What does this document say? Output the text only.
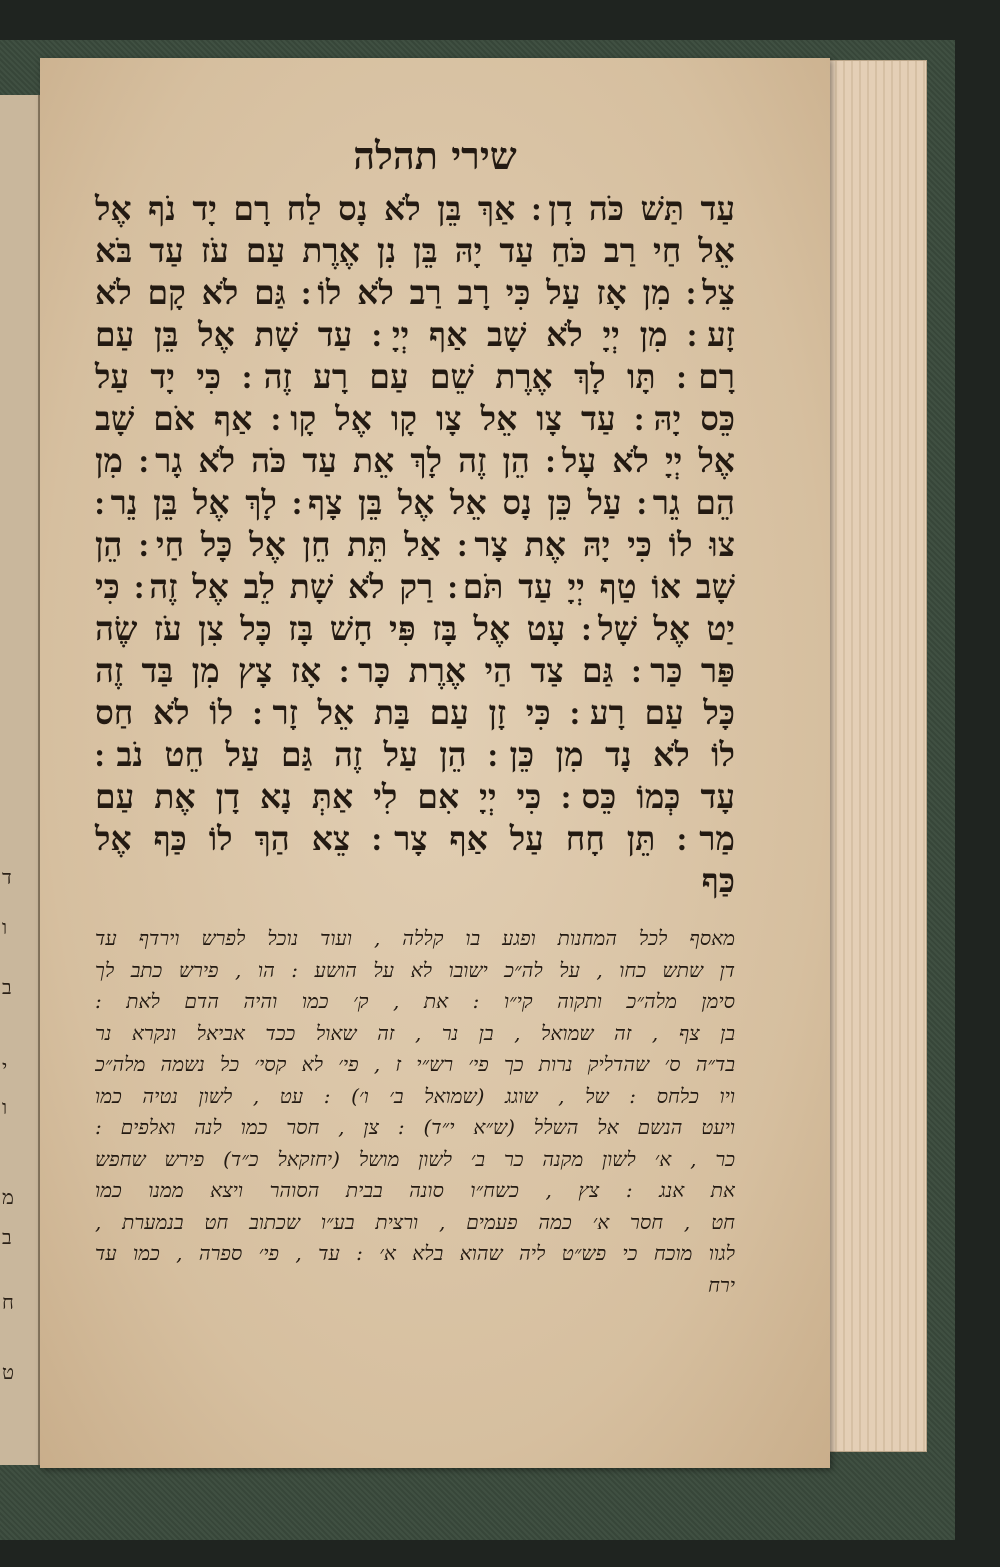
ד
ו
ב
י
ו
מ
ב
ח
ט
שירי תהלה
עַד תַּשׁ כֹּה דָן ׃ אַךְ בֵּן לֹא נָס לַח רָם יָד נֹף אֶל
אֵל חַי רַב כֹּחַ עַד יָהּ בֵּן נִן אֶרֶת עַם עֹז עַד בֹּא
צֵל ׃ מִן אָז עַל כִּי רָב רַב לֹא לוֹ ׃ גַּם לֹא קָם לֹא
זָע ׃ מִן יְיָ לֹא שָׁב אַף יְיָ ׃ עַד שָׁת אֶל בֵּן עַם
רָם ׃ תָּו לָךְ אֶרֶת שֵׁם עַם רָע זֶה ׃ כִּי יָד עַל
כֵּס יָהּ ׃ עַד צָו אֵל צָו קָו אֶל קָו ׃ אַף אֹם שָׁב
אֶל יְיָ לֹא עָל ׃ הֵן זֶה לָךְ אֵת עַד כֹּה לֹא גָר ׃ מִן
הֵם גֵר ׃ עַל כֵּן נָס אֵל אֶל בֵּן צָף ׃ לָךְ אֶל בֵּן נֵר ׃
צוּ לוֹ כִּי יָהּ אֶת צָר ׃ אַל תֵּת חֵן אֶל כָּל חַי ׃ הֵן
שָׁב אוֹ טַף יְיָ עַד תֹּם ׃ רַק לֹא שָׁת לֵב אֶל זֶה ׃ כִּי
יַט אֶל שָׁל ׃ עָט אֶל בָּז פִּי חָשׁ בָּז כָּל צִן עֹז שֶׂה
פַּר כַּר ׃ גַּם צַד הַי אֶרֶת כָּר ׃ אָז צָץ מִן בַּד זֶה
כָּל עַם רָע ׃ כִּי זָן עַם בַּת אֵל זָר ׃ לוֹ לֹא חַס
לוֹ לֹא נָד מִן כֵּן ׃ הֵן עַל זֶה גַּם עַל חֵט נֹב ׃
עָד כְּמוֹ כֵּס ׃ כִּי יְיָ אִם לִי אַתְּ נָא דָן אֶת עַם
מַר ׃ תֵּן חָח עַל אַף צָר ׃ צֵא הַךְ לוֹ כַּף אֶל
כַּף
מאסף לכל המחנות ופגע בו קללה , ועוד נוכל לפרש וירדף עד
דן שתש כחו , על לה״כ ישובו לא על הושע : הו , פירש כתב לך
סימן מלה״כ ותקוה קי״ו : את , ק׳ כמו והיה הדם לאת :
בן צף , זה שמואל , בן נר , זה שאול ככד אביאל ונקרא נר
בד״ה ס׳ שהדליק נרות כך פי׳ רש״י ז , פי׳ לא קסי׳ כל נשמה מלה״כ
ויו כלחס : של , שוגג (שמואל ב׳ ו׳) : עט , לשון נטיה כמו
ויעט הנשם אל השלל (ש״א י״ד) : צן , חסר כמו לנה ואלפים :
כר , א׳ לשון מקנה כר ב׳ לשון מושל (יחזקאל כ״ד) פירש שחפש
את אנג : צץ , כשח״ו סונה בבית הסוהר ויצא ממנו כמו
חט , חסר א׳ כמה פעמים , ורצית בע״ו שכתוב חט בנמערת ,
לגוו מוכח כי פש״ט ליה שהוא בלא א׳ : עד , פי׳ ספרה , כמו עד
ירח
